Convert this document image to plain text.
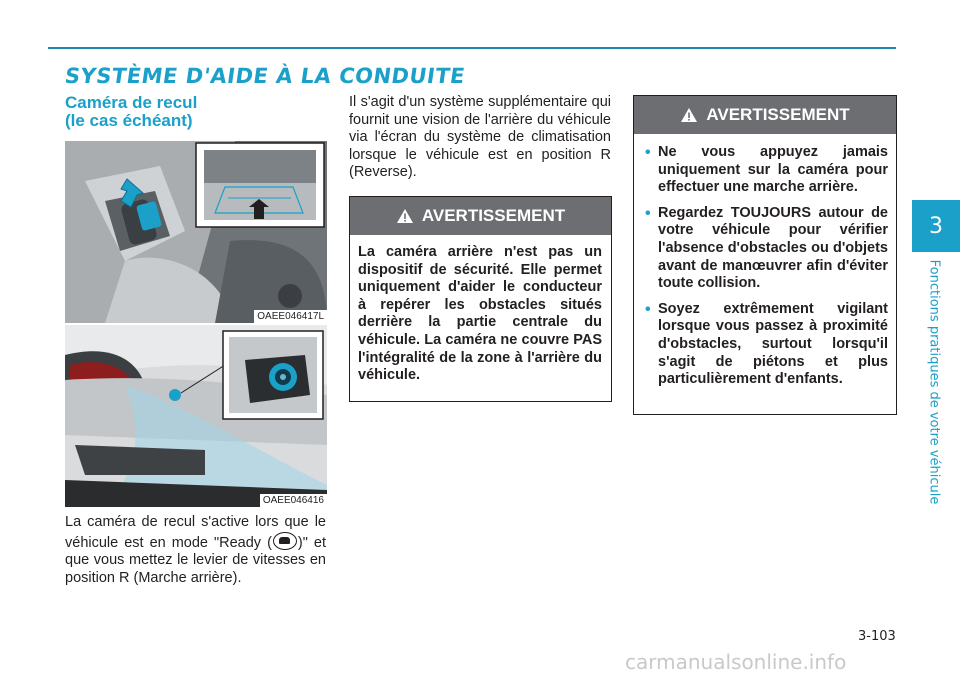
SYSTÈME D'AIDE À LA CONDUITE
Caméra de recul
(le cas échéant)
OAEE046417L
OAEE046416
La caméra de recul s'active lors que le véhicule est en mode "Ready ( )" et que vous mettez le levier de vitesses en position R (Marche arrière).
Il s'agit d'un système supplémentaire qui fournit une vision de l'arrière du véhicule via l'écran du système de climatisation lorsque le véhicule est en position R (Reverse).
AVERTISSEMENT
La caméra arrière n'est pas un dispositif de sécurité. Elle permet uniquement d'aider le conducteur à repérer les obstacles situés derrière la partie centrale du véhicule. La caméra ne couvre PAS l'intégralité de la zone à l'arrière du véhicule.
AVERTISSEMENT
• Ne vous appuyez jamais uniquement sur la caméra pour effectuer une marche arrière.
• Regardez TOUJOURS autour de votre véhicule pour vérifier l'absence d'obstacles ou d'objets avant de manœuvrer afin d'éviter toute collision.
• Soyez extrêmement vigilant lorsque vous passez à proximité d'obstacles, surtout lorsqu'il s'agit de piétons et plus particulièrement d'enfants.
3
Fonctions pratiques de votre véhicule
3-103
carmanualsonline.info
